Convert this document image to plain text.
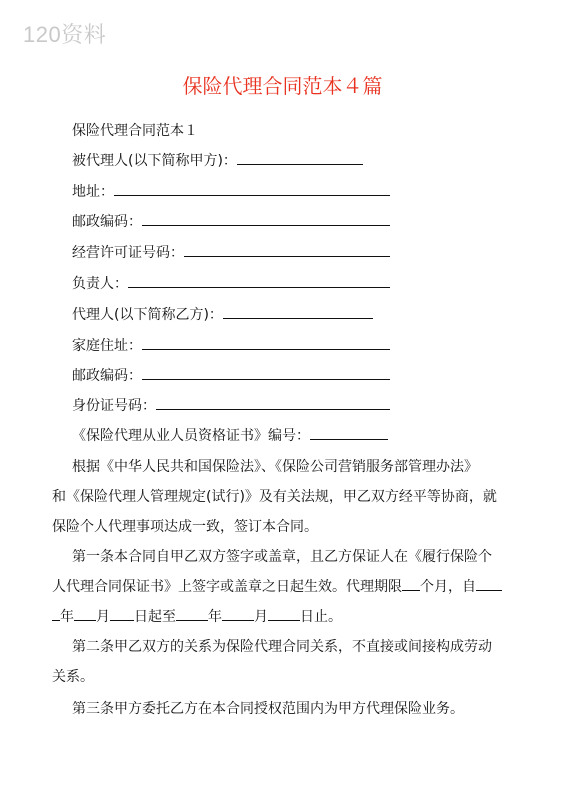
120资料
保险代理合同范本４篇
保险代理合同范本１
被代理人(以下简称甲方)：
地址：
邮政编码：
经营许可证号码：
负责人：
代理人(以下简称乙方)：
家庭住址：
邮政编码：
身份证号码：
《保险代理从业人员资格证书》编号：
根据《中华人民共和国保险法》、《保险公司营销服务部管理办法》
和《保险代理人管理规定(试行)》及有关法规，甲乙双方经平等协商，就
保险个人代理事项达成一致，签订本合同。
第一条本合同自甲乙双方签字或盖章，且乙方保证人在《履行保险个
人代理合同保证书》上签字或盖章之日起生效。代理期限 个月，自
年 月 日起至 年 月 日止。
第二条甲乙双方的关系为保险代理合同关系，不直接或间接构成劳动
关系。
第三条甲方委托乙方在本合同授权范围内为甲方代理保险业务。
